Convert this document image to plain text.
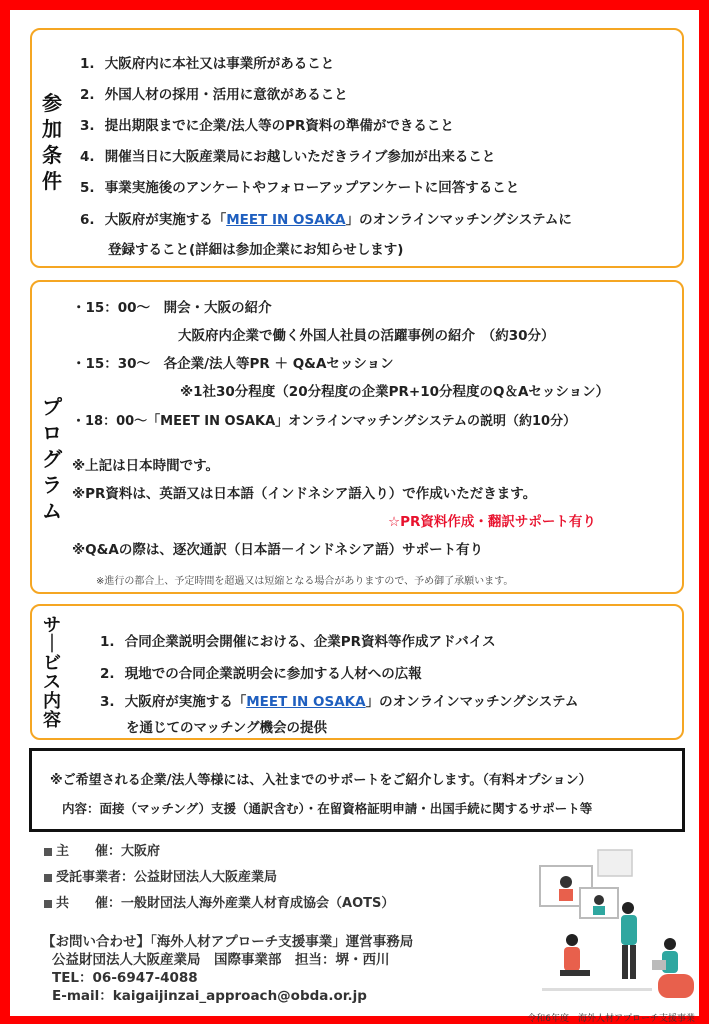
参
加
条
件
1. 大阪府内に本社又は事業所があること
2. 外国人材の採用・活用に意欲があること
3. 提出期限までに企業/法人等のPR資料の準備ができること
4. 開催当日に大阪産業局にお越しいただきライブ参加が出来ること
5. 事業実施後のアンケートやフォローアップアンケートに回答すること
6. 大阪府が実施する「MEET IN OSAKA」のオンラインマッチングシステムに
登録すること(詳細は参加企業にお知らせします)
プ
ロ
グ
ラ
ム
・15：00～　開会・大阪の紹介
大阪府内企業で働く外国人社員の活躍事例の紹介　（約30分）
・15：30～　各企業/法人等PR ＋ Q&Aセッション
※1社30分程度（20分程度の企業PR+10分程度のQ＆Aセッション）
・18：00～「MEET IN OSAKA」オンラインマッチングシステムの説明（約10分）
※上記は日本時間です。
※PR資料は、英語又は日本語（インドネシア語入り）で作成いただきます。
☆PR資料作成・翻訳サポート有り
※Q&Aの際は、逐次通訳（日本語－インドネシア語）サポート有り
※進行の都合上、予定時間を超過又は短縮となる場合がありますので、予め御了承願います。
サ
｜
ビ
ス
内
容
1. 合同企業説明会開催における、企業PR資料等作成アドバイス
2. 現地での合同企業説明会に参加する人材への広報
3. 大阪府が実施する「MEET IN OSAKA」のオンラインマッチングシステム
を通じてのマッチング機会の提供
※ご希望される企業/法人等様には、入社までのサポートをご紹介します。（有料オプション）
内容：面接（マッチング）支援（通訳含む）・在留資格証明申請・出国手続に関するサポート等
主　　催：大阪府
受託事業者：公益財団法人大阪産業局
共　　催：一般財団法人海外産業人材育成協会（AOTS）
【お問い合わせ】「海外人材アプローチ支援事業」運営事務局
公益財団法人大阪産業局　国際事業部　担当：堺・西川
TEL：06-6947-4088
E-mail：kaigaijinzai_approach@obda.or.jp
令和6年度　海外人材アプローチ支援事業
